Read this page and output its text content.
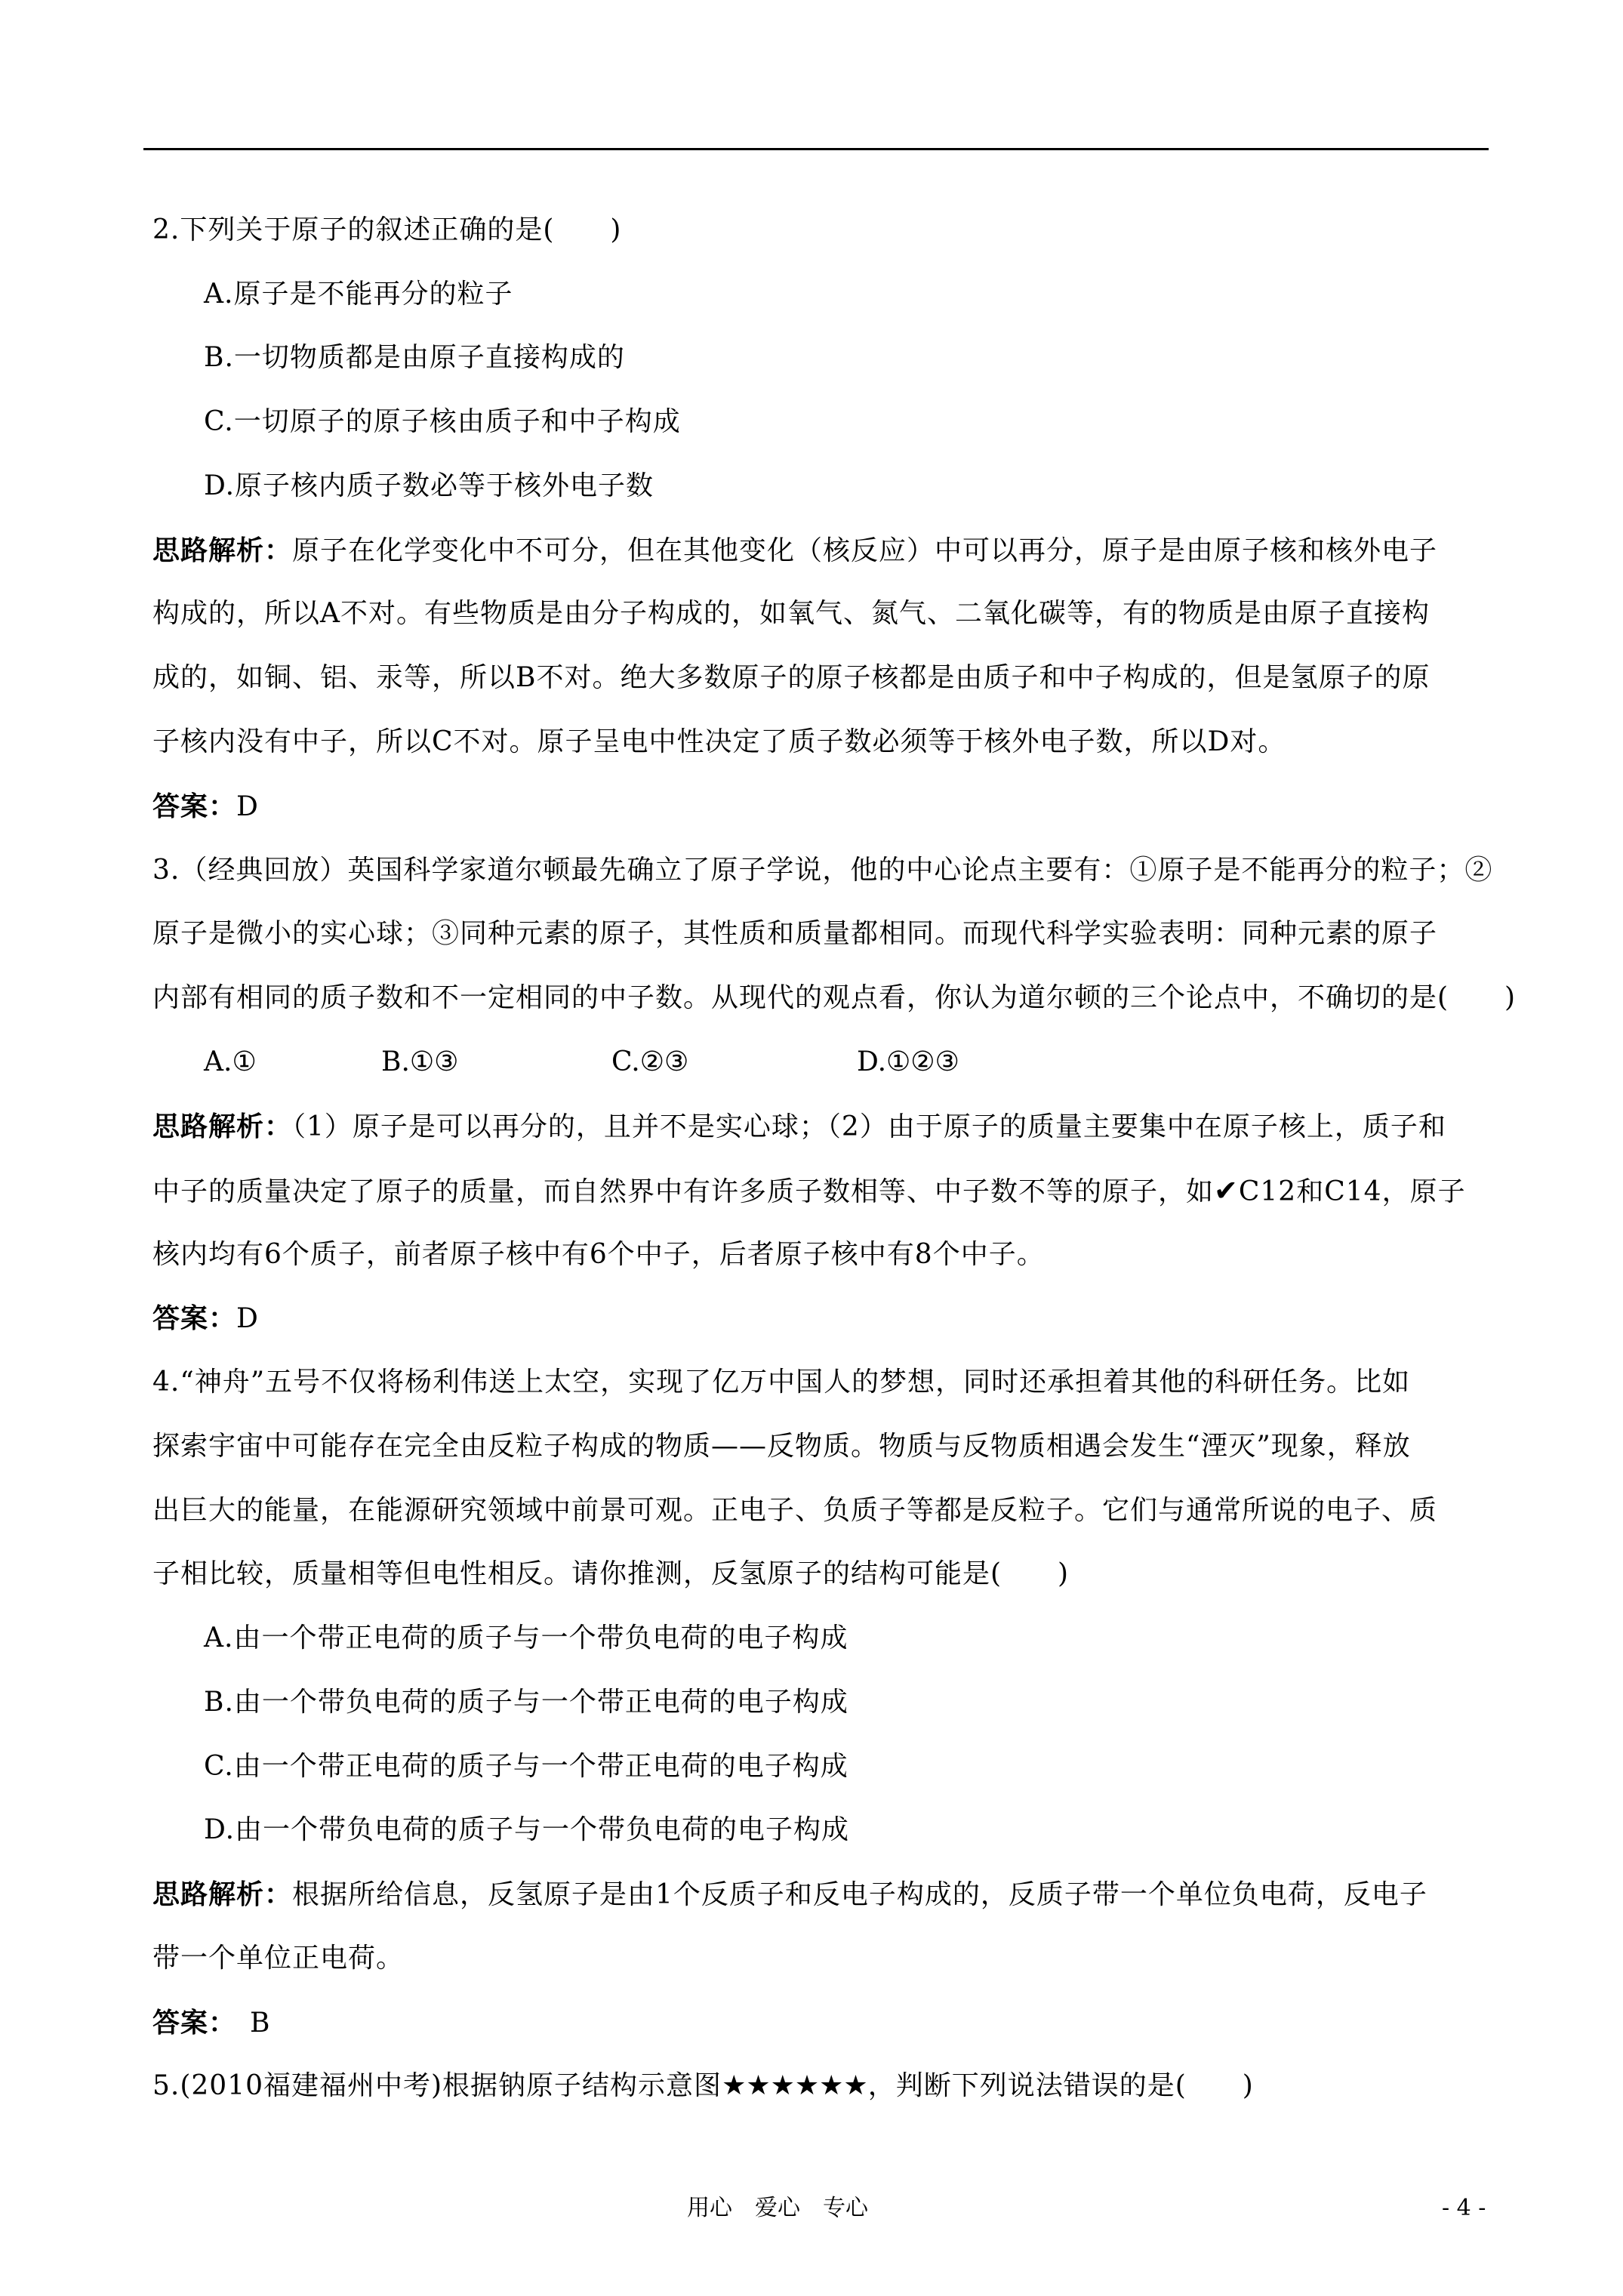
2.下列关于原子的叙述正确的是(　　)
A.原子是不能再分的粒子
B.一切物质都是由原子直接构成的
C.一切原子的原子核由质子和中子构成
D.原子核内质子数必等于核外电子数
思路解析：原子在化学变化中不可分，但在其他变化（核反应）中可以再分，原子是由原子核和核外电子
构成的，所以A不对。有些物质是由分子构成的，如氧气、氮气、二氧化碳等，有的物质是由原子直接构
成的，如铜、铝、汞等，所以B不对。绝大多数原子的原子核都是由质子和中子构成的，但是氢原子的原
子核内没有中子，所以C不对。原子呈电中性决定了质子数必须等于核外电子数，所以D对。
答案：D
3.（经典回放）英国科学家道尔顿最先确立了原子学说，他的中心论点主要有：①原子是不能再分的粒子；②
原子是微小的实心球；③同种元素的原子，其性质和质量都相同。而现代科学实验表明：同种元素的原子
内部有相同的质子数和不一定相同的中子数。从现代的观点看，你认为道尔顿的三个论点中，不确切的是(　　)
A.①	B.①③	C.②③	D.①②③
思路解析：（1）原子是可以再分的，且并不是实心球；（2）由于原子的质量主要集中在原子核上，质子和
中子的质量决定了原子的质量，而自然界中有许多质子数相等、中子数不等的原子，如✔C12和C14，原子
核内均有6个质子，前者原子核中有6个中子，后者原子核中有8个中子。
答案：D
4.“神舟”五号不仅将杨利伟送上太空，实现了亿万中国人的梦想，同时还承担着其他的科研任务。比如
探索宇宙中可能存在完全由反粒子构成的物质——反物质。物质与反物质相遇会发生“湮灭”现象，释放
出巨大的能量，在能源研究领域中前景可观。正电子、负质子等都是反粒子。它们与通常所说的电子、质
子相比较，质量相等但电性相反。请你推测，反氢原子的结构可能是(　　)
A.由一个带正电荷的质子与一个带负电荷的电子构成
B.由一个带负电荷的质子与一个带正电荷的电子构成
C.由一个带正电荷的质子与一个带正电荷的电子构成
D.由一个带负电荷的质子与一个带负电荷的电子构成
思路解析：根据所给信息，反氢原子是由1个反质子和反电子构成的，反质子带一个单位负电荷，反电子
带一个单位正电荷。
答案： B
5.(2010福建福州中考)根据钠原子结构示意图★★★★★★，判断下列说法错误的是(　　)
用心　爱心　专心	- 4 -
